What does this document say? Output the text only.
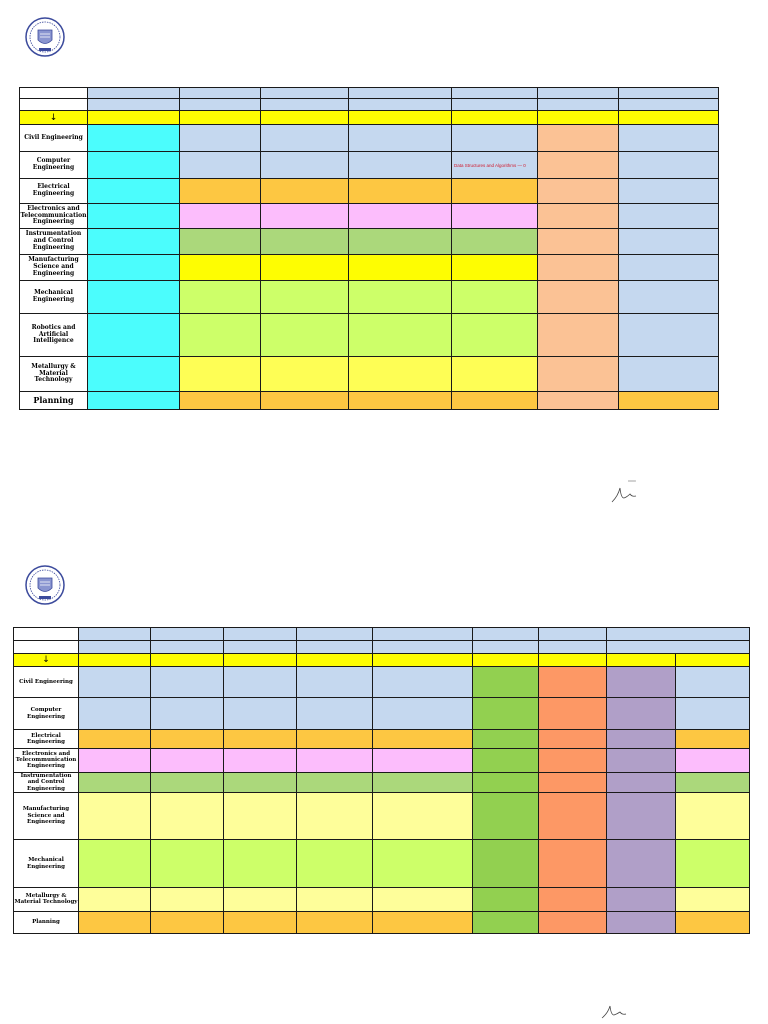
↓							
Civil Engineering							
Computer Engineering					Data Structures and Algorithms — 0		
Electrical Engineering							
Electronics and Telecommunication Engineering							
Instrumentation and Control Engineering							
Manufacturing Science and Engineering							
Mechanical Engineering							
Robotics and Artificial Intelligence							
Metallurgy & Material Technology							
Planning							

↓									
Civil Engineering									
Computer Engineering									
Electrical Engineering									
Electronics and Telecommunication Engineering									
Instrumentation and Control Engineering									
Manufacturing Science and Engineering									
Mechanical Engineering									
Metallurgy & Material Technology									
Planning									
